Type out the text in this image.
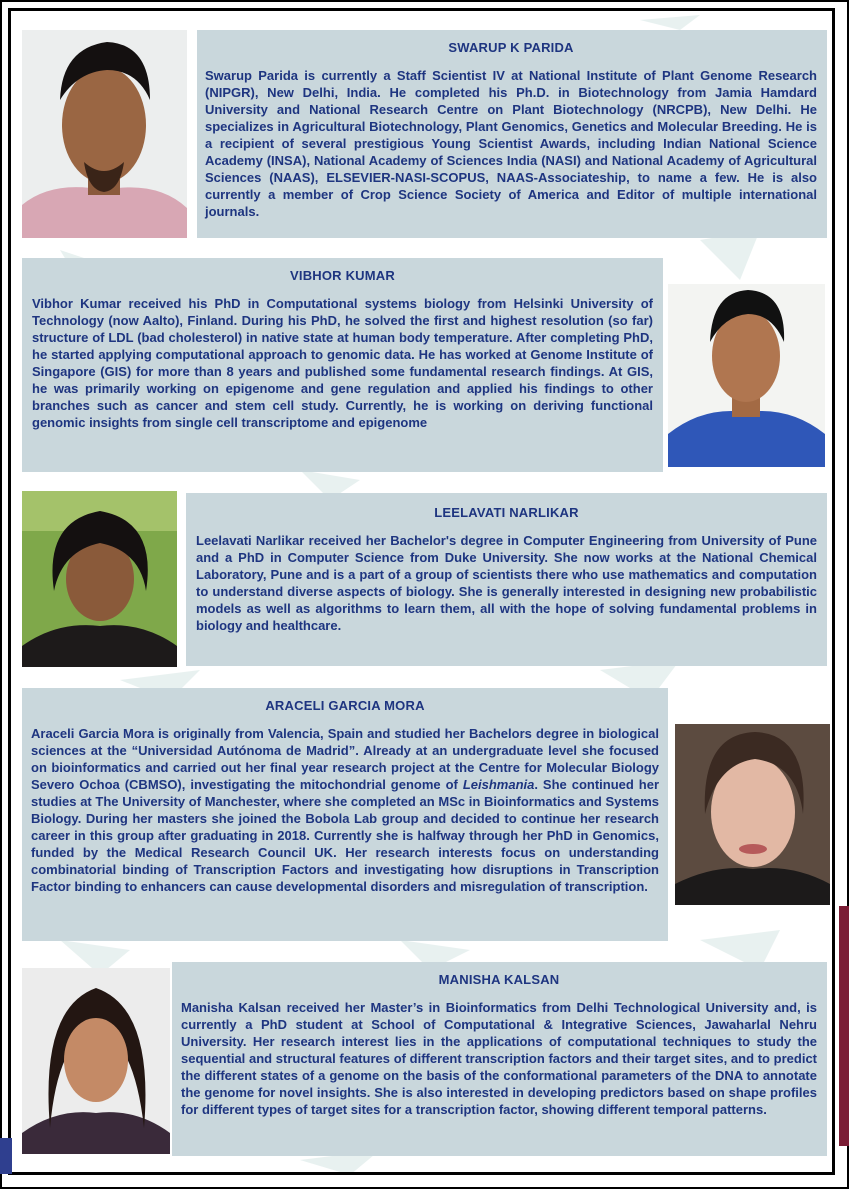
SWARUP K PARIDA

Swarup Parida is currently a Staff Scientist IV at National Institute of Plant Genome Research (NIPGR), New Delhi, India. He completed his Ph.D. in Biotechnology from Jamia Hamdard University and National Research Centre on Plant Biotechnology (NRCPB), New Delhi. He specializes in Agricultural Biotechnology, Plant Genomics, Genetics and Molecular Breeding. He is a recipient of several prestigious Young Scientist Awards, including Indian National Science Academy (INSA), National Academy of Sciences India (NASI) and National Academy of Agricultural Sciences (NAAS), ELSEVIER-NASI-SCOPUS, NAAS-Associateship, to name a few. He is also currently a member of Crop Science Society of America and Editor of multiple international journals.

VIBHOR KUMAR

Vibhor Kumar received his PhD in Computational systems biology from Helsinki University of Technology (now Aalto), Finland. During his PhD, he solved the first and highest resolution (so far) structure of LDL (bad cholesterol) in native state at human body temperature. After completing PhD, he started applying computational approach to genomic data. He has worked at Genome Institute of Singapore (GIS) for more than 8 years and published some fundamental research findings. At GIS, he was primarily working on epigenome and gene regulation and applied his findings to other branches such as cancer and stem cell study. Currently, he is working on deriving functional genomic insights from single cell transcriptome and epigenome

LEELAVATI NARLIKAR

Leelavati Narlikar received her Bachelor's degree in Computer Engineering from University of Pune and a PhD in Computer Science from Duke University. She now works at the National Chemical Laboratory, Pune and is a part of a group of scientists there who use mathematics and computation to understand diverse aspects of biology. She is generally interested in designing new probabilistic models as well as algorithms to learn them, all with the hope of solving fundamental problems in biology and healthcare.

ARACELI GARCIA MORA

Araceli Garcia Mora is originally from Valencia, Spain and studied her Bachelors degree in biological sciences at the “Universidad Autónoma de Madrid”. Already at an undergraduate level she focused on bioinformatics and carried out her final year research project at the Centre for Molecular Biology Severo Ochoa (CBMSO), investigating the mitochondrial genome of Leishmania. She continued her studies at The University of Manchester, where she completed an MSc in Bioinformatics and Systems Biology. During her masters she joined the Bobola Lab group and decided to continue her research career in this group after graduating in 2018. Currently she is halfway through her PhD in Genomics, funded by the Medical Research Council UK. Her research interests focus on understanding combinatorial binding of Transcription Factors and investigating how disruptions in Transcription Factor binding to enhancers can cause developmental disorders and misregulation of transcription.

MANISHA KALSAN

Manisha Kalsan received her Master’s in Bioinformatics from Delhi Technological University and, is currently a PhD student at School of Computational & Integrative Sciences, Jawaharlal Nehru University. Her research interest lies in the applications of computational techniques to study the sequential and structural features of different transcription factors and their target sites, and to predict the different states of a genome on the basis of the conformational parameters of the DNA to annotate the genome for novel insights. She is also interested in developing predictors based on shape profiles for different types of target sites for a transcription factor, showing different temporal patterns.
